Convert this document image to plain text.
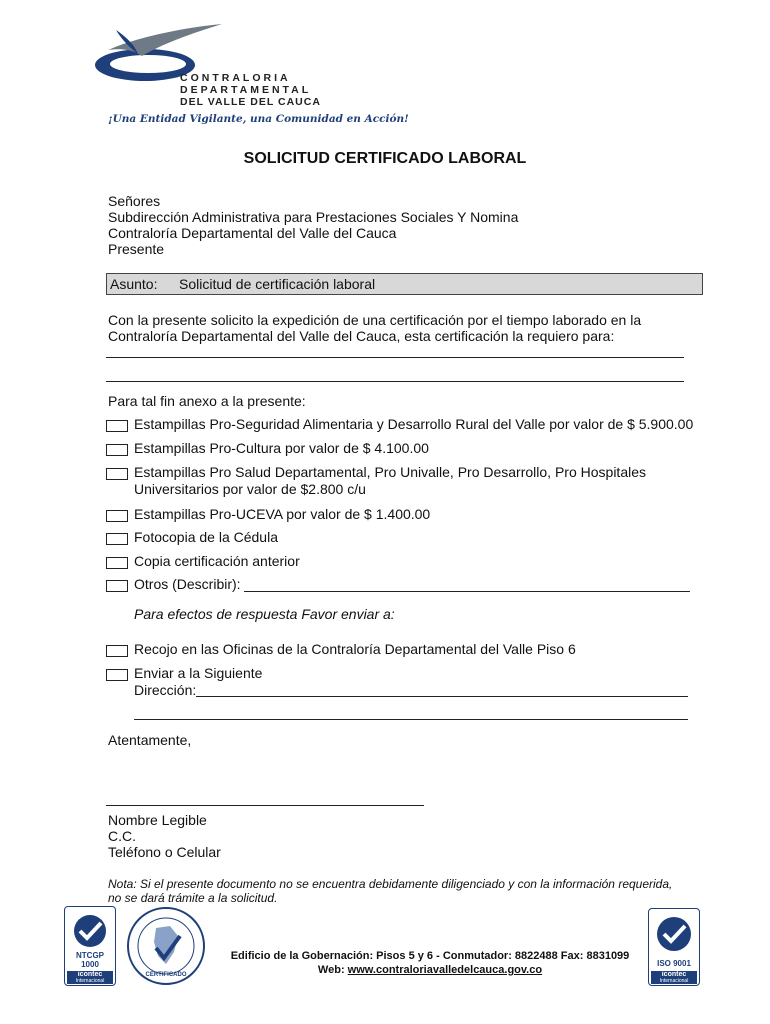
CONTRALORIA
DEPARTAMENTAL
DEL VALLE DEL CAUCA
¡Una Entidad Vigilante, una Comunidad en Acción!
SOLICITUD CERTIFICADO LABORAL
Señores
Subdirección Administrativa para Prestaciones Sociales Y Nomina
Contraloría Departamental del Valle del Cauca
Presente
Asunto: Solicitud de certificación laboral
Con la presente solicito la expedición de una certificación por el tiempo laborado en la
Contraloría Departamental del Valle del Cauca, esta certificación la requiero para:
Para tal fin anexo a la presente:
Estampillas Pro-Seguridad Alimentaria y Desarrollo Rural del Valle por valor de $ 5.900.00
Estampillas Pro-Cultura por valor de $ 4.100.00
Estampillas Pro Salud Departamental, Pro Univalle, Pro Desarrollo, Pro Hospitales
Universitarios por valor de $2.800 c/u
Estampillas Pro-UCEVA por valor de $ 1.400.00
Fotocopia de la Cédula
Copia certificación anterior
Otros (Describir):
Para efectos de respuesta Favor enviar a:
Recojo en las Oficinas de la Contraloría Departamental del Valle Piso 6
Enviar a la Siguiente
Dirección:
Atentamente,
Nombre Legible
C.C.
Teléfono o Celular
Nota: Si el presente documento no se encuentra debidamente diligenciado y con la información requerida,
no se dará trámite a la solicitud.
NTCGP
1000
icontec
Internacional
CERTIFICADO
ISO 9001
icontec
Internacional
Edificio de la Gobernación: Pisos 5 y 6 - Conmutador: 8822488 Fax: 8831099
Web: www.contraloriavalledelcauca.gov.co
